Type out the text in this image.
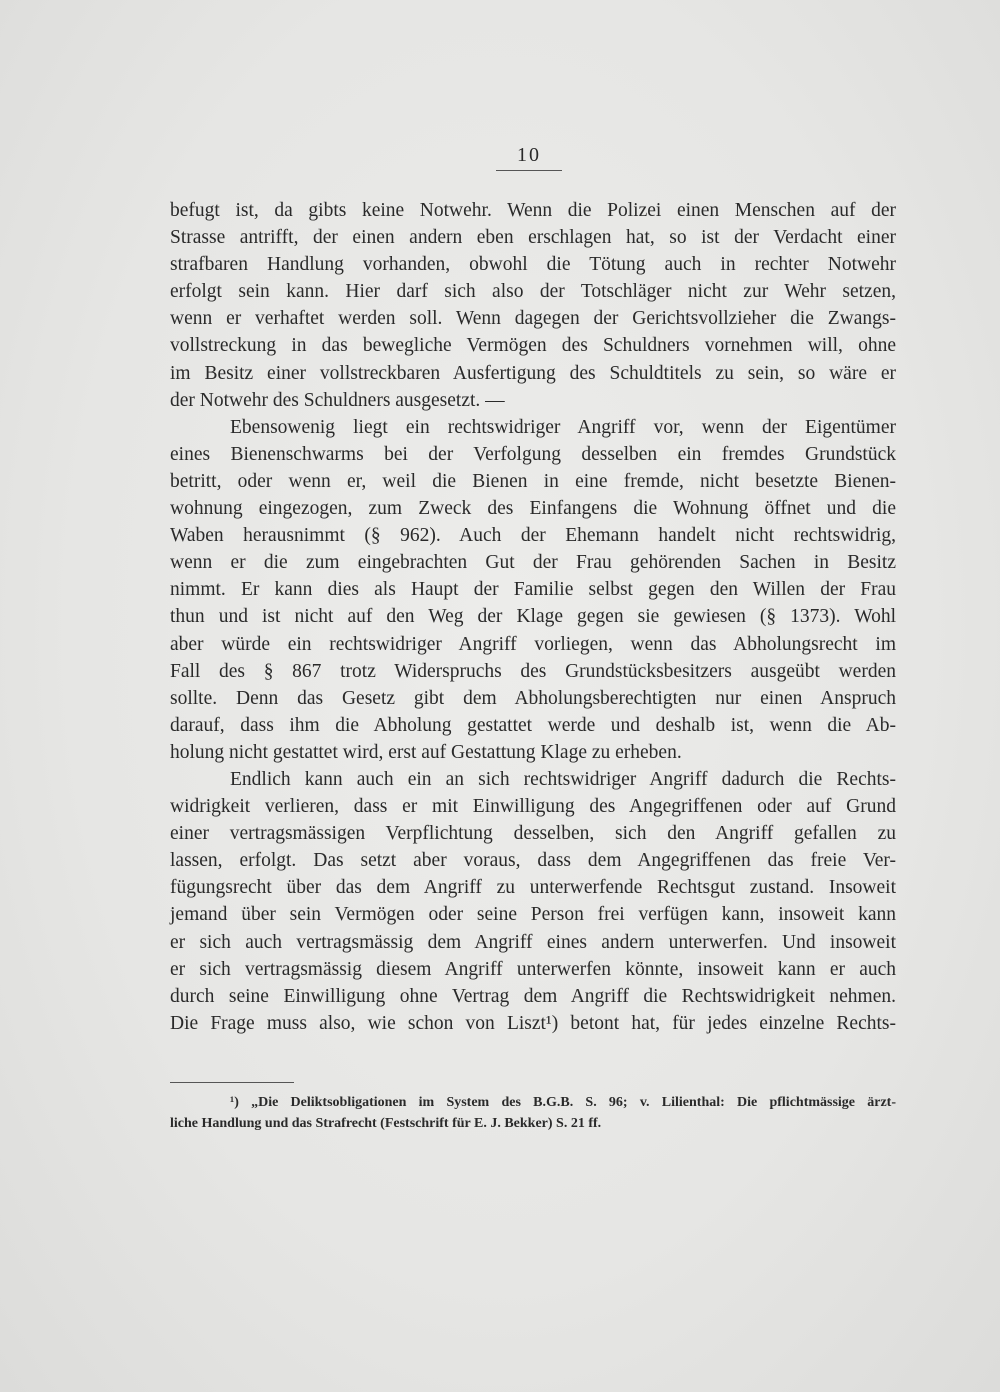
10
befugt ist, da gibts keine Notwehr. Wenn die Polizei einen Menschen auf der
Strasse antrifft, der einen andern eben erschlagen hat, so ist der Verdacht einer
strafbaren Handlung vorhanden, obwohl die Tötung auch in rechter Notwehr
erfolgt sein kann. Hier darf sich also der Totschläger nicht zur Wehr setzen,
wenn er verhaftet werden soll. Wenn dagegen der Gerichtsvollzieher die Zwangs-
vollstreckung in das bewegliche Vermögen des Schuldners vornehmen will, ohne
im Besitz einer vollstreckbaren Ausfertigung des Schuldtitels zu sein, so wäre er
der Notwehr des Schuldners ausgesetzt. —
Ebensowenig liegt ein rechtswidriger Angriff vor, wenn der Eigentümer
eines Bienenschwarms bei der Verfolgung desselben ein fremdes Grundstück
betritt, oder wenn er, weil die Bienen in eine fremde, nicht besetzte Bienen-
wohnung eingezogen, zum Zweck des Einfangens die Wohnung öffnet und die
Waben herausnimmt (§ 962). Auch der Ehemann handelt nicht rechtswidrig,
wenn er die zum eingebrachten Gut der Frau gehörenden Sachen in Besitz
nimmt. Er kann dies als Haupt der Familie selbst gegen den Willen der Frau
thun und ist nicht auf den Weg der Klage gegen sie gewiesen (§ 1373). Wohl
aber würde ein rechtswidriger Angriff vorliegen, wenn das Abholungsrecht im
Fall des § 867 trotz Widerspruchs des Grundstücksbesitzers ausgeübt werden
sollte. Denn das Gesetz gibt dem Abholungsberechtigten nur einen Anspruch
darauf, dass ihm die Abholung gestattet werde und deshalb ist, wenn die Ab-
holung nicht gestattet wird, erst auf Gestattung Klage zu erheben.
Endlich kann auch ein an sich rechtswidriger Angriff dadurch die Rechts-
widrigkeit verlieren, dass er mit Einwilligung des Angegriffenen oder auf Grund
einer vertragsmässigen Verpflichtung desselben, sich den Angriff gefallen zu
lassen, erfolgt. Das setzt aber voraus, dass dem Angegriffenen das freie Ver-
fügungsrecht über das dem Angriff zu unterwerfende Rechtsgut zustand. Insoweit
jemand über sein Vermögen oder seine Person frei verfügen kann, insoweit kann
er sich auch vertragsmässig dem Angriff eines andern unterwerfen. Und insoweit
er sich vertragsmässig diesem Angriff unterwerfen könnte, insoweit kann er auch
durch seine Einwilligung ohne Vertrag dem Angriff die Rechtswidrigkeit nehmen.
Die Frage muss also, wie schon von Liszt¹) betont hat, für jedes einzelne Rechts-
¹) „Die Deliktsobligationen im System des B.G.B. S. 96; v. Lilienthal: Die pflichtmässige ärzt-
liche Handlung und das Strafrecht (Festschrift für E. J. Bekker) S. 21 ff.
